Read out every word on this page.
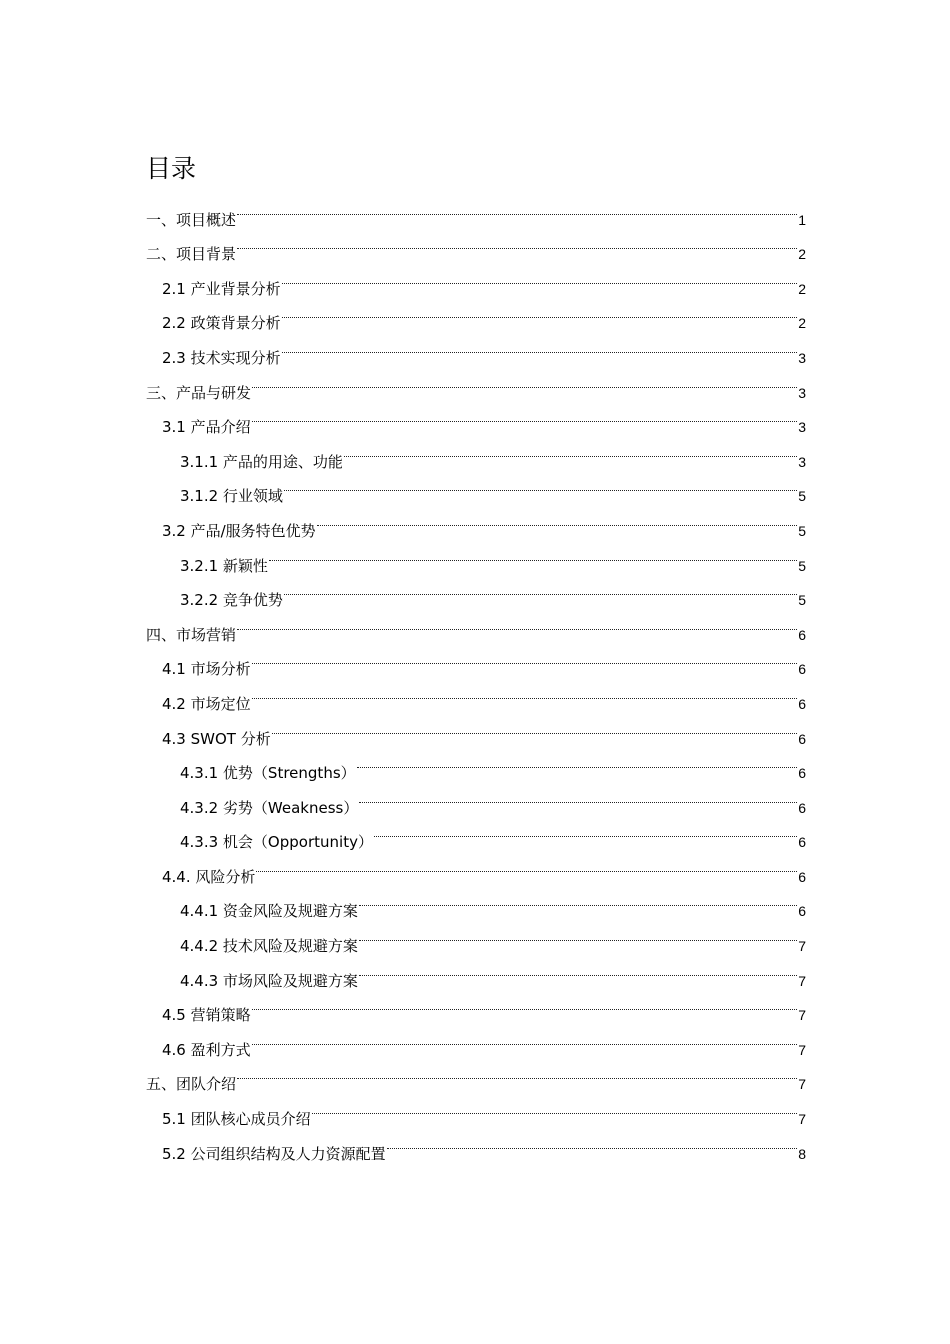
目录
一、项目概述	1
二、项目背景	2
2.1 产业背景分析	2
2.2 政策背景分析	2
2.3 技术实现分析	3
三、产品与研发	3
3.1 产品介绍	3
3.1.1 产品的用途、功能	3
3.1.2 行业领域	5
3.2 产品/服务特色优势	5
3.2.1 新颖性	5
3.2.2 竞争优势	5
四、市场营销	6
4.1 市场分析	6
4.2 市场定位	6
4.3 SWOT 分析	6
4.3.1 优势（Strengths）	6
4.3.2 劣势（Weakness）	6
4.3.3 机会（Opportunity）	6
4.4. 风险分析	6
4.4.1 资金风险及规避方案	6
4.4.2 技术风险及规避方案	7
4.4.3 市场风险及规避方案	7
4.5 营销策略	7
4.6 盈利方式	7
五、团队介绍	7
5.1 团队核心成员介绍	7
5.2 公司组织结构及人力资源配置	8
